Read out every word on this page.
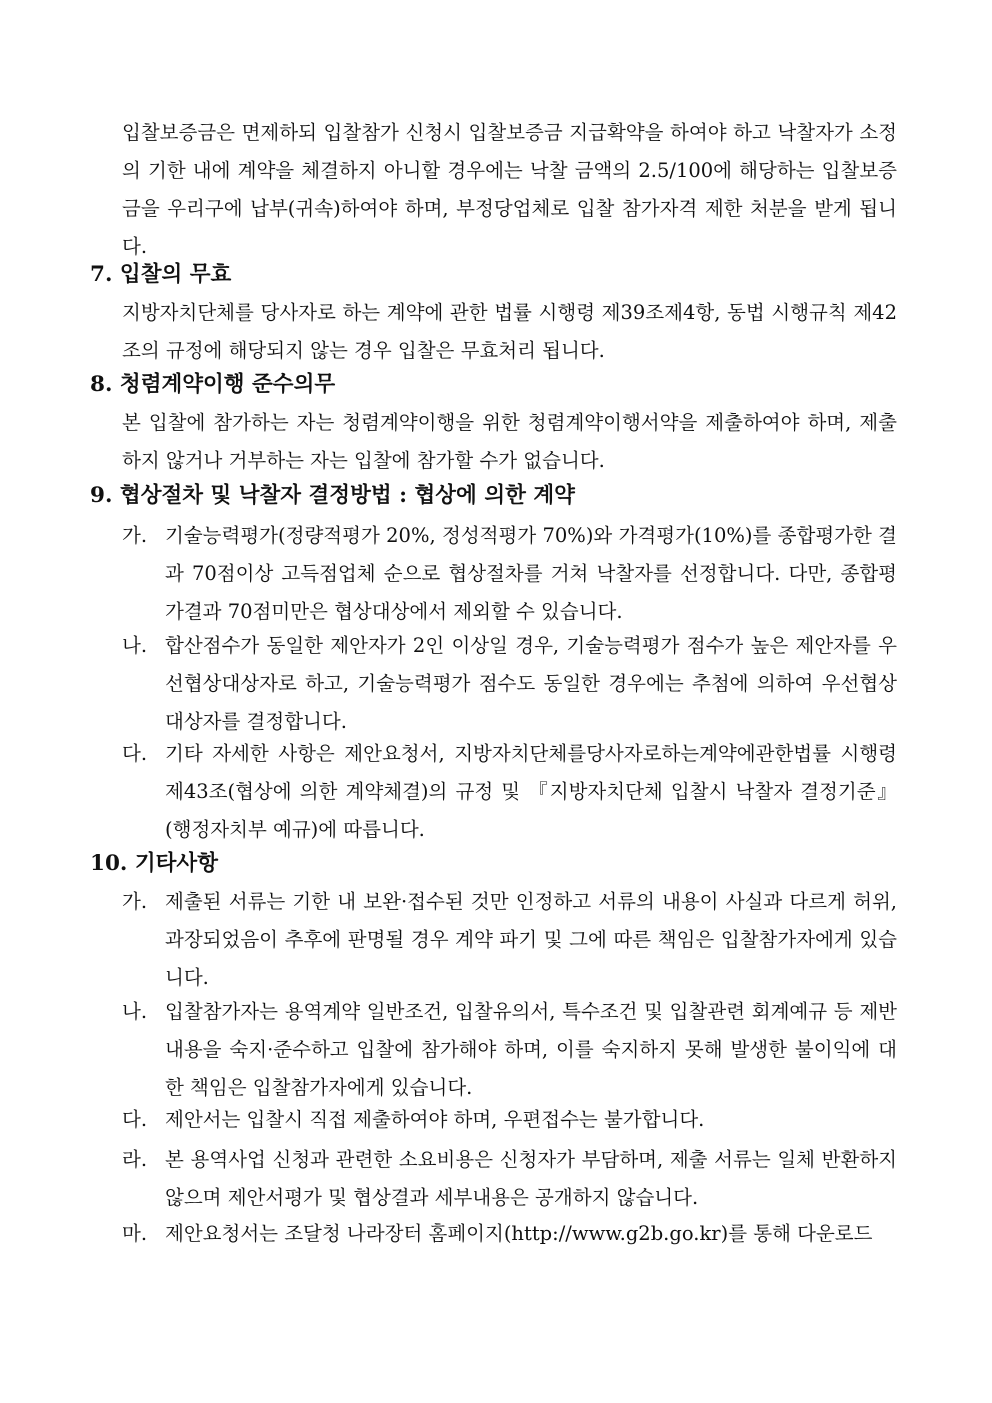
입찰보증금은 면제하되 입찰참가 신청시 입찰보증금 지급확약을 하여야 하고 낙찰자가 소정의 기한 내에 계약을 체결하지 아니할 경우에는 낙찰 금액의 2.5/100에 해당하는 입찰보증금을 우리구에 납부(귀속)하여야 하며, 부정당업체로 입찰 참가자격 제한 처분을 받게 됩니다.
7. 입찰의 무효
지방자치단체를 당사자로 하는 계약에 관한 법률 시행령 제39조제4항, 동법 시행규칙 제42조의 규정에 해당되지 않는 경우 입찰은 무효처리 됩니다.
8. 청렴계약이행 준수의무
본 입찰에 참가하는 자는 청렴계약이행을 위한 청렴계약이행서약을 제출하여야 하며, 제출하지 않거나 거부하는 자는 입찰에 참가할 수가 없습니다.
9. 협상절차 및 낙찰자 결정방법 : 협상에 의한 계약
가. 기술능력평가(정량적평가 20%, 정성적평가 70%)와 가격평가(10%)를 종합평가한 결과 70점이상 고득점업체 순으로 협상절차를 거쳐 낙찰자를 선정합니다. 다만, 종합평가결과 70점미만은 협상대상에서 제외할 수 있습니다.
나. 합산점수가 동일한 제안자가 2인 이상일 경우, 기술능력평가 점수가 높은 제안자를 우선협상대상자로 하고, 기술능력평가 점수도 동일한 경우에는 추첨에 의하여 우선협상대상자를 결정합니다.
다. 기타 자세한 사항은 제안요청서, 지방자치단체를당사자로하는계약에관한법률 시행령 제43조(협상에 의한 계약체결)의 규정 및 『지방자치단체 입찰시 낙찰자 결정기준』(행정자치부 예규)에 따릅니다.
10. 기타사항
가. 제출된 서류는 기한 내 보완·접수된 것만 인정하고 서류의 내용이 사실과 다르게 허위, 과장되었음이 추후에 판명될 경우 계약 파기 및 그에 따른 책임은 입찰참가자에게 있습니다.
나. 입찰참가자는 용역계약 일반조건, 입찰유의서, 특수조건 및 입찰관련 회계예규 등 제반내용을 숙지·준수하고 입찰에 참가해야 하며, 이를 숙지하지 못해 발생한 불이익에 대한 책임은 입찰참가자에게 있습니다.
다. 제안서는 입찰시 직접 제출하여야 하며, 우편접수는 불가합니다.
라. 본 용역사업 신청과 관련한 소요비용은 신청자가 부담하며, 제출 서류는 일체 반환하지 않으며 제안서평가 및 협상결과 세부내용은 공개하지 않습니다.
마. 제안요청서는 조달청 나라장터 홈페이지(http://www.g2b.go.kr)를 통해 다운로드
